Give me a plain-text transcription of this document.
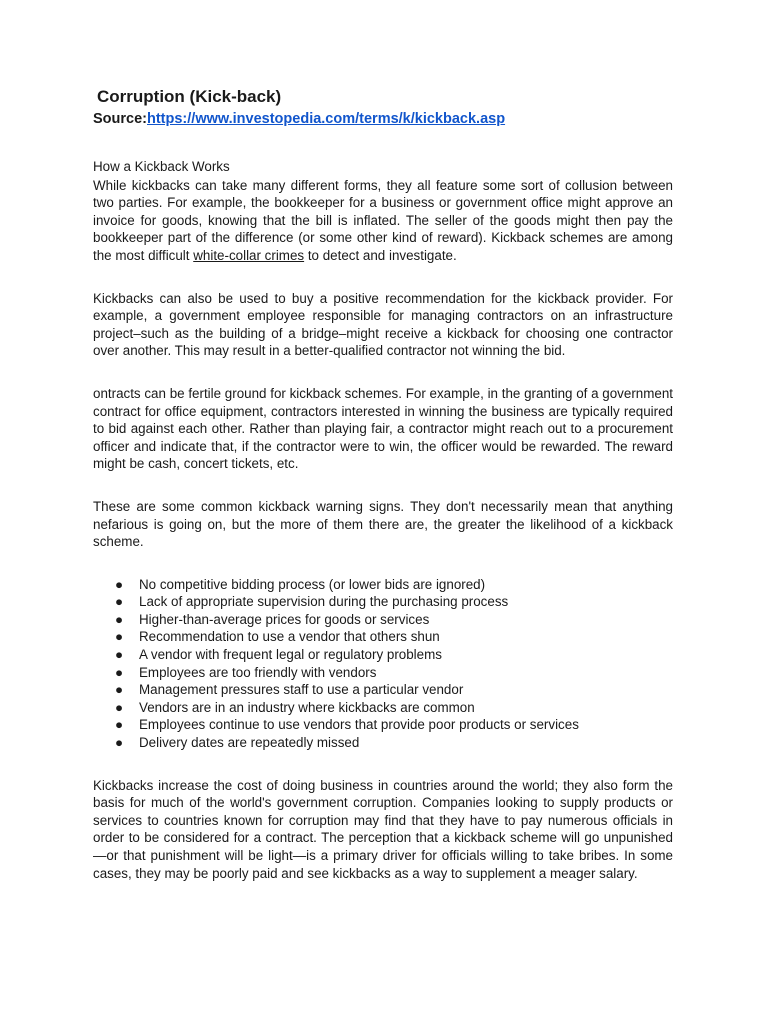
Corruption (Kick-back)
Source:https://www.investopedia.com/terms/k/kickback.asp
How a Kickback Works

While kickbacks can take many different forms, they all feature some sort of collusion between two parties. For example, the bookkeeper for a business or government office might approve an invoice for goods, knowing that the bill is inflated. The seller of the goods might then pay the bookkeeper part of the difference (or some other kind of reward). Kickback schemes are among the most difficult white-collar crimes to detect and investigate.

Kickbacks can also be used to buy a positive recommendation for the kickback provider. For example, a government employee responsible for managing contractors on an infrastructure project–such as the building of a bridge–might receive a kickback for choosing one contractor over another. This may result in a better-qualified contractor not winning the bid.

ontracts can be fertile ground for kickback schemes. For example, in the granting of a government contract for office equipment, contractors interested in winning the business are typically required to bid against each other. Rather than playing fair, a contractor might reach out to a procurement officer and indicate that, if the contractor were to win, the officer would be rewarded. The reward might be cash, concert tickets, etc.

These are some common kickback warning signs. They don't necessarily mean that anything nefarious is going on, but the more of them there are, the greater the likelihood of a kickback scheme.

● No competitive bidding process (or lower bids are ignored)
● Lack of appropriate supervision during the purchasing process
● Higher-than-average prices for goods or services
● Recommendation to use a vendor that others shun
● A vendor with frequent legal or regulatory problems
● Employees are too friendly with vendors
● Management pressures staff to use a particular vendor
● Vendors are in an industry where kickbacks are common
● Employees continue to use vendors that provide poor products or services
● Delivery dates are repeatedly missed

Kickbacks increase the cost of doing business in countries around the world; they also form the basis for much of the world's government corruption. Companies looking to supply products or services to countries known for corruption may find that they have to pay numerous officials in order to be considered for a contract. The perception that a kickback scheme will go unpunished—or that punishment will be light—is a primary driver for officials willing to take bribes. In some cases, they may be poorly paid and see kickbacks as a way to supplement a meager salary.
